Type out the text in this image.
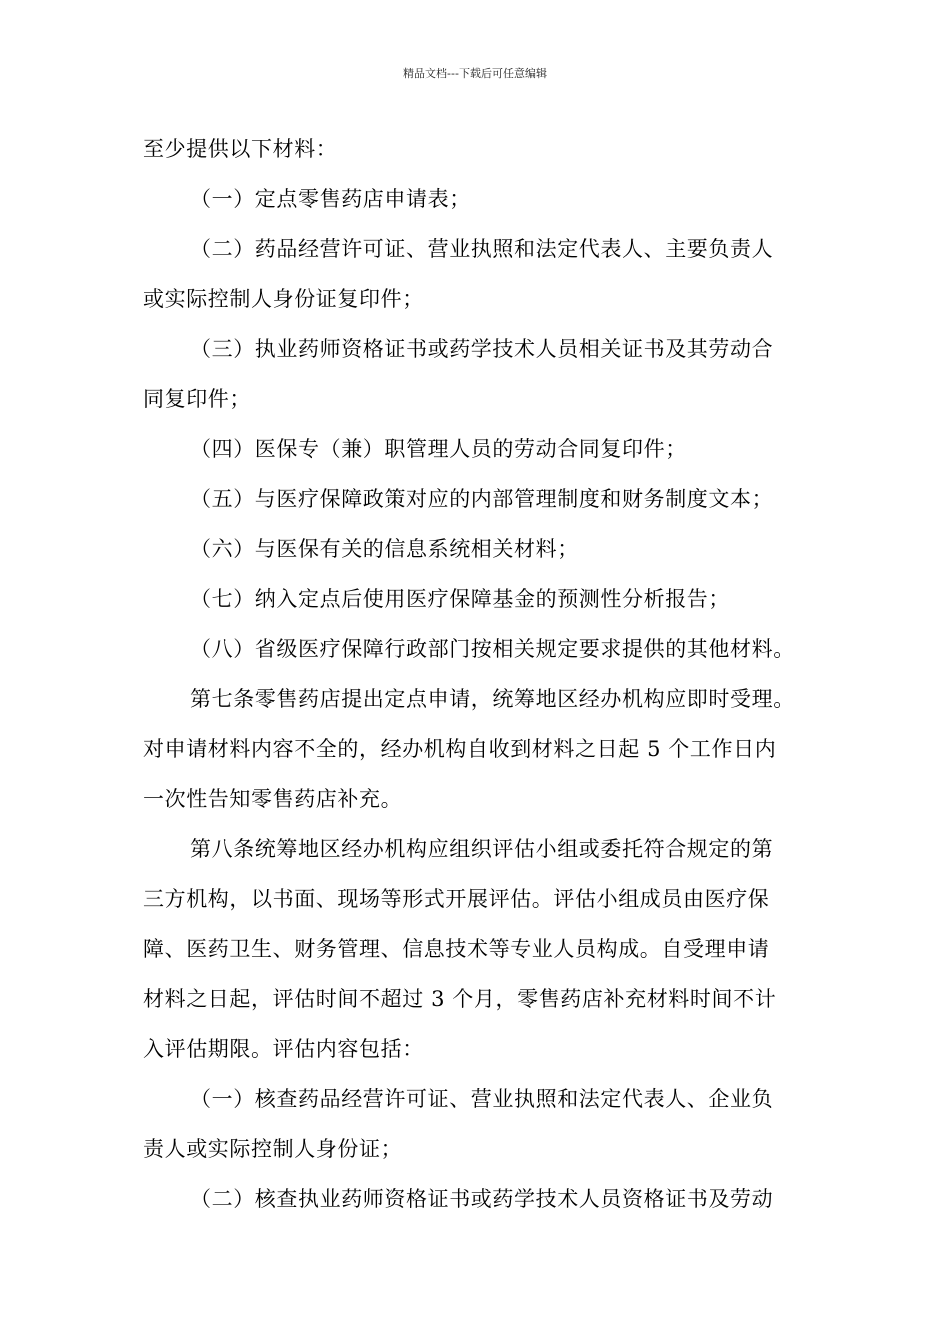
精品文档---下载后可任意编辑
至少提供以下材料：
（一）定点零售药店申请表；
（二）药品经营许可证、营业执照和法定代表人、主要负责人
或实际控制人身份证复印件；
（三）执业药师资格证书或药学技术人员相关证书及其劳动合
同复印件；
（四）医保专（兼）职管理人员的劳动合同复印件；
（五）与医疗保障政策对应的内部管理制度和财务制度文本；
（六）与医保有关的信息系统相关材料；
（七）纳入定点后使用医疗保障基金的预测性分析报告；
（八）省级医疗保障行政部门按相关规定要求提供的其他材料。
第七条零售药店提出定点申请，统筹地区经办机构应即时受理。
对申请材料内容不全的，经办机构自收到材料之日起 5 个工作日内
一次性告知零售药店补充。
第八条统筹地区经办机构应组织评估小组或委托符合规定的第
三方机构，以书面、现场等形式开展评估。评估小组成员由医疗保
障、医药卫生、财务管理、信息技术等专业人员构成。自受理申请
材料之日起，评估时间不超过 3 个月，零售药店补充材料时间不计
入评估期限。评估内容包括：
（一）核查药品经营许可证、营业执照和法定代表人、企业负
责人或实际控制人身份证；
（二）核查执业药师资格证书或药学技术人员资格证书及劳动
